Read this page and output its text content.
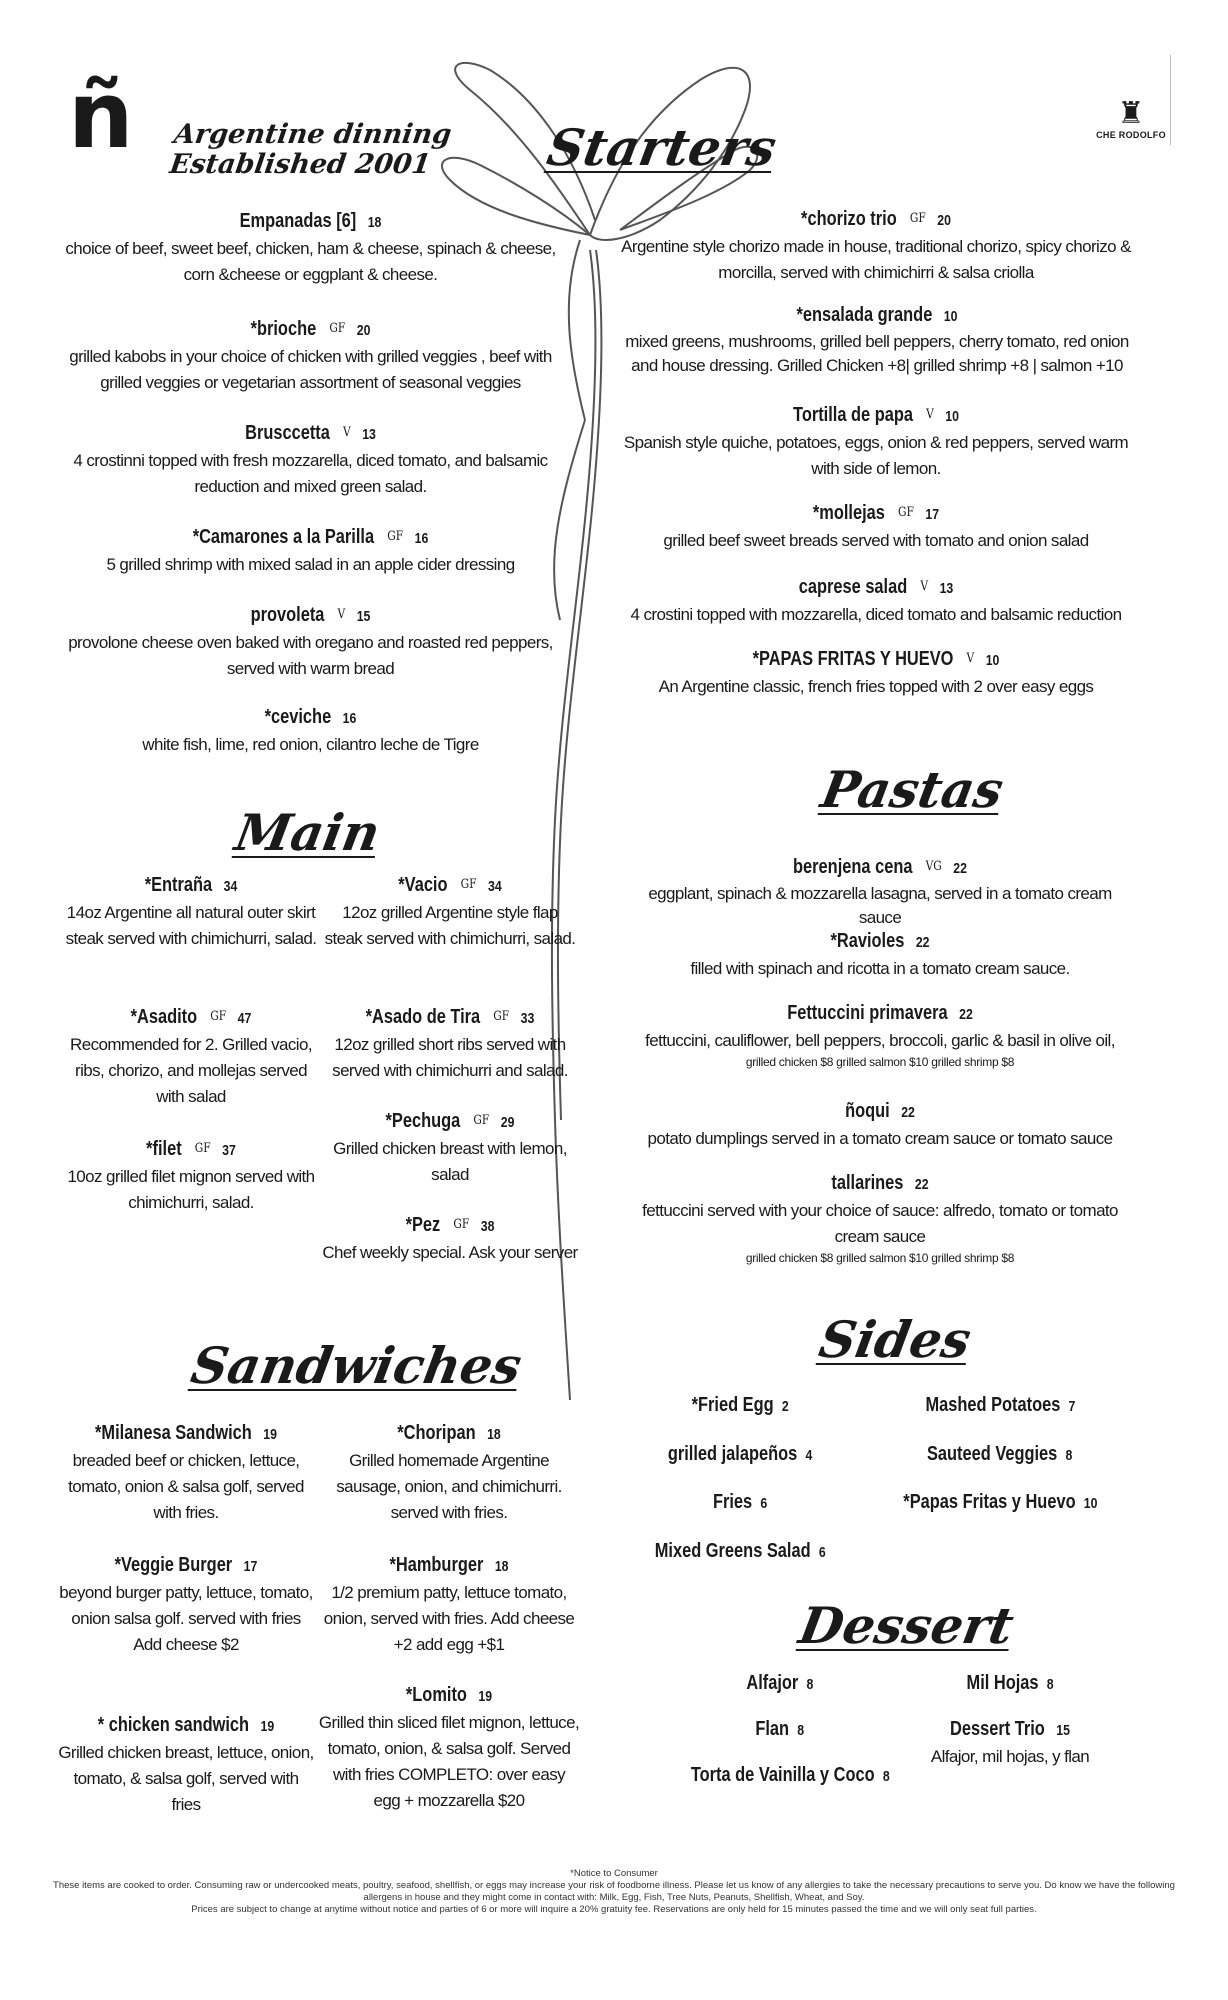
ñ Argentine dinning
Established 2001
♜
CHE RODOLFO
Starters
Main
Sandwiches
Pastas
Sides
Dessert
Empanadas [6] 18
choice of beef, sweet beef, chicken, ham & cheese, spinach & cheese, corn &cheese or eggplant & cheese.
*brioche GF 20
grilled kabobs in your choice of chicken with grilled veggies , beef with grilled veggies or vegetarian assortment of seasonal veggies
Brusccetta V 13
4 crostinni topped with fresh mozzarella, diced tomato, and balsamic reduction and mixed green salad.
*Camarones a la Parilla GF 16
5 grilled shrimp with mixed salad in an apple cider dressing
provoleta V 15
provolone cheese oven baked with oregano and roasted red peppers, served with warm bread
*ceviche 16
white fish, lime, red onion, cilantro leche de Tigre
*chorizo trio GF 20
Argentine style chorizo made in house, traditional chorizo, spicy chorizo & morcilla, served with chimichirri & salsa criolla
*ensalada grande 10
mixed greens, mushrooms, grilled bell peppers, cherry tomato, red onion and house dressing. Grilled Chicken +8| grilled shrimp +8 | salmon +10
Tortilla de papa V 10
Spanish style quiche, potatoes, eggs, onion & red peppers, served warm with side of lemon.
*mollejas GF 17
grilled beef sweet breads served with tomato and onion salad
caprese salad V 13
4 crostini topped with mozzarella, diced tomato and balsamic reduction
*PAPAS FRITAS Y HUEVO V 10
An Argentine classic, french fries topped with 2 over easy eggs
*Entraña 34
14oz Argentine all natural outer skirt steak served with chimichurri, salad.
*Asadito GF 47
Recommended for 2. Grilled vacio, ribs, chorizo, and mollejas served with salad
*filet GF 37
10oz grilled filet mignon served with chimichurri, salad.
*Vacio GF 34
12oz grilled Argentine style flap steak served with chimichurri, salad.
*Asado de Tira GF 33
12oz grilled short ribs served with served with chimichurri and salad.
*Pechuga GF 29
Grilled chicken breast with lemon, salad
*Pez GF 38
Chef weekly special. Ask your server
*Milanesa Sandwich 19
breaded beef or chicken, lettuce, tomato, onion & salsa golf, served with fries.
*Veggie Burger 17
beyond burger patty, lettuce, tomato, onion salsa golf. served with fries
Add cheese $2
* chicken sandwich 19
Grilled chicken breast, lettuce, onion, tomato, & salsa golf, served with fries
*Choripan 18
Grilled homemade Argentine sausage, onion, and chimichurri. served with fries.
*Hamburger 18
1/2 premium patty, lettuce tomato, onion, served with fries. Add cheese +2 add egg +$1
*Lomito 19
Grilled thin sliced filet mignon, lettuce, tomato, onion, & salsa golf. Served with fries COMPLETO: over easy egg + mozzarella $20
berenjena cena VG 22
eggplant, spinach & mozzarella lasagna, served in a tomato cream sauce
*Ravioles 22
filled with spinach and ricotta in a tomato cream sauce.
Fettuccini primavera 22
fettuccini, cauliflower, bell peppers, broccoli, garlic & basil in olive oil,
grilled chicken $8 grilled salmon $10 grilled shrimp $8
ñoqui 22
potato dumplings served in a tomato cream sauce or tomato sauce
tallarines 22
fettuccini served with your choice of sauce: alfredo, tomato or tomato cream sauce
grilled chicken $8 grilled salmon $10 grilled shrimp $8
*Fried Egg 2	Mashed Potatoes 7
grilled jalapeños 4	Sauteed Veggies 8
Fries 6	*Papas Fritas y Huevo 10
Mixed Greens Salad 6
Alfajor 8	Mil Hojas 8
Flan 8	Dessert Trio 15
Alfajor, mil hojas, y flan
Torta de Vainilla y Coco 8
*Notice to Consumer
These items are cooked to order. Consuming raw or undercooked meats, poultry, seafood, shellfish, or eggs may increase your risk of foodborne illness. Please let us know of any allergies to take the necessary precautions to serve you. Do know we have the following allergens in house and they might come in contact with: Milk, Egg, Fish, Tree Nuts, Peanuts, Shellfish, Wheat, and Soy.
Prices are subject to change at anytime without notice and parties of 6 or more will inquire a 20% gratuity fee. Reservations are only held for 15 minutes passed the time and we will only seat full parties.
